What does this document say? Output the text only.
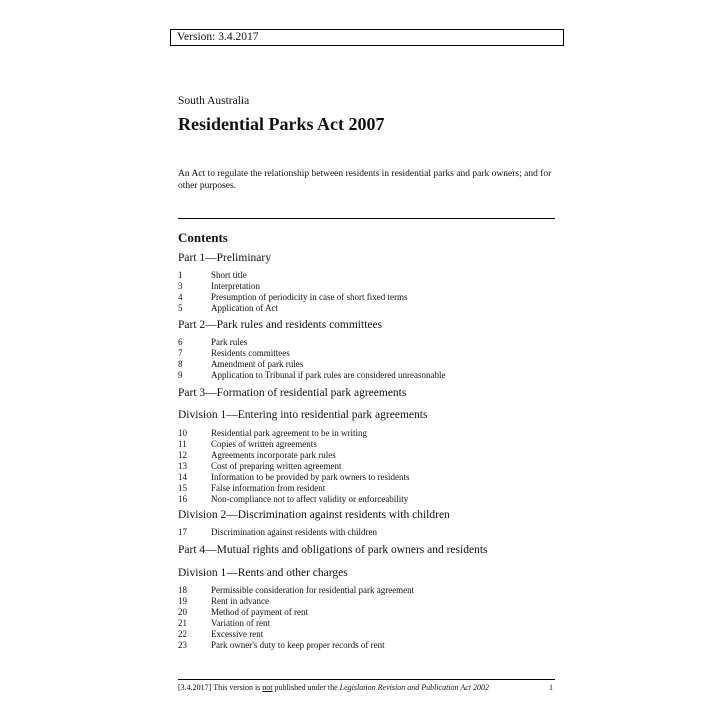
Version: 3.4.2017
South Australia
Residential Parks Act 2007
An Act to regulate the relationship between residents in residential parks and park owners; and for other purposes.
Contents
Part 1—Preliminary
1	Short title
3	Interpretation
4	Presumption of periodicity in case of short fixed terms
5	Application of Act
Part 2—Park rules and residents committees
6	Park rules
7	Residents committees
8	Amendment of park rules
9	Application to Tribunal if park rules are considered unreasonable
Part 3—Formation of residential park agreements
Division 1—Entering into residential park agreements
10	Residential park agreement to be in writing
11	Copies of written agreements
12	Agreements incorporate park rules
13	Cost of preparing written agreement
14	Information to be provided by park owners to residents
15	False information from resident
16	Non-compliance not to affect validity or enforceability
Division 2—Discrimination against residents with children
17	Discrimination against residents with children
Part 4—Mutual rights and obligations of park owners and residents
Division 1—Rents and other charges
18	Permissible consideration for residential park agreement
19	Rent in advance
20	Method of payment of rent
21	Variation of rent
22	Excessive rent
23	Park owner's duty to keep proper records of rent
[3.4.2017] This version is not published under the Legislation Revision and Publication Act 2002	1
